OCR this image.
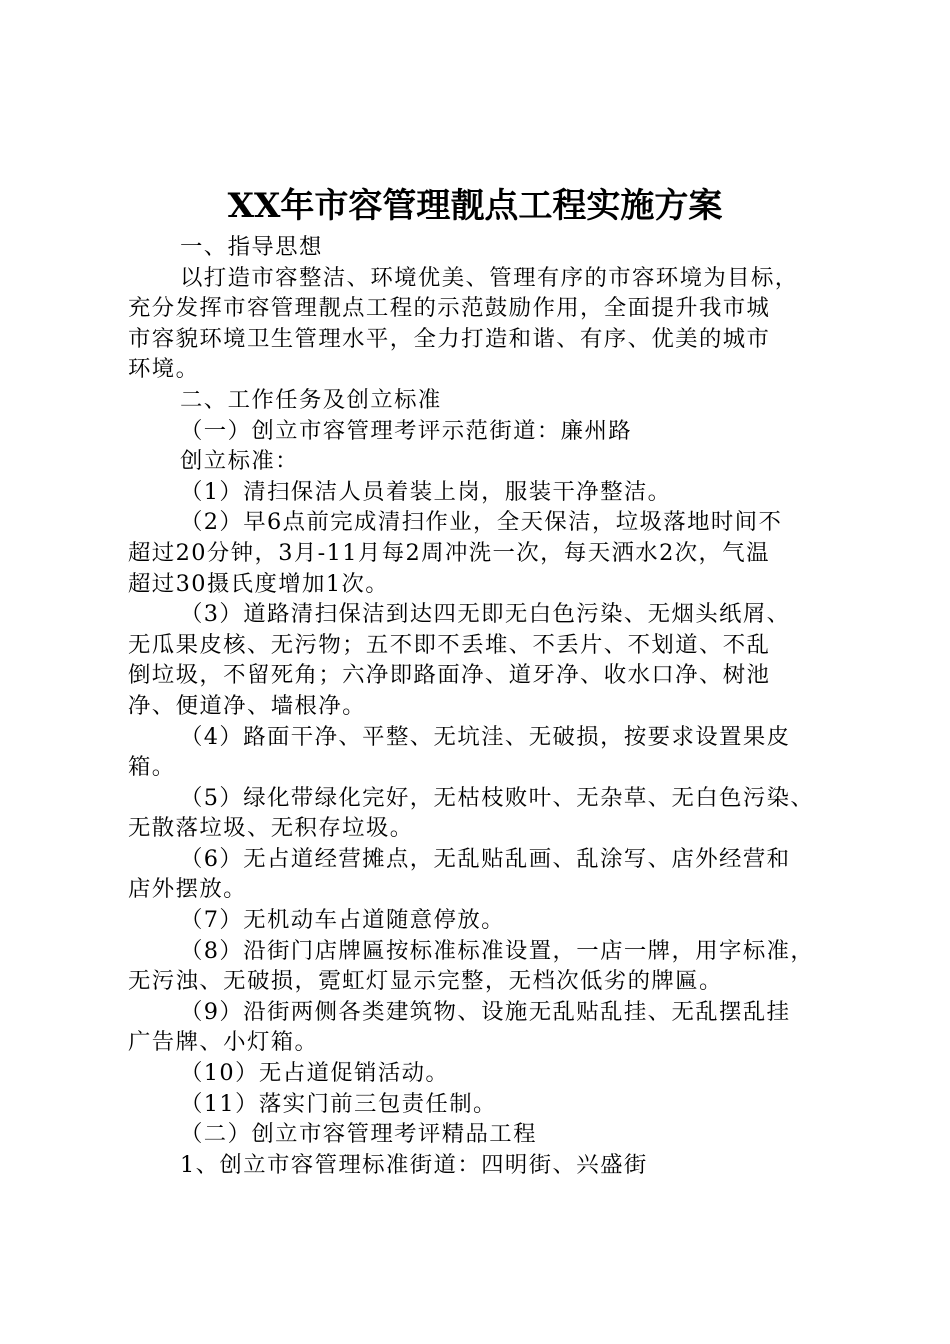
XX年市容管理靓点工程实施方案
一、指导思想
以打造市容整洁、环境优美、管理有序的市容环境为目标，
充分发挥市容管理靓点工程的示范鼓励作用，全面提升我市城
市容貌环境卫生管理水平，全力打造和谐、有序、优美的城市
环境。
二、工作任务及创立标准
（一）创立市容管理考评示范街道：廉州路
创立标准：
（1）清扫保洁人员着装上岗，服装干净整洁。
（2）早6点前完成清扫作业，全天保洁，垃圾落地时间不
超过20分钟，3月-11月每2周冲洗一次，每天洒水2次，气温
超过30摄氏度增加1次。
（3）道路清扫保洁到达四无即无白色污染、无烟头纸屑、
无瓜果皮核、无污物；五不即不丢堆、不丢片、不划道、不乱
倒垃圾，不留死角；六净即路面净、道牙净、收水口净、树池
净、便道净、墙根净。
（4）路面干净、平整、无坑洼、无破损，按要求设置果皮
箱。
（5）绿化带绿化完好，无枯枝败叶、无杂草、无白色污染、
无散落垃圾、无积存垃圾。
（6）无占道经营摊点，无乱贴乱画、乱涂写、店外经营和
店外摆放。
（7）无机动车占道随意停放。
（8）沿街门店牌匾按标准标准设置，一店一牌，用字标准，
无污浊、无破损，霓虹灯显示完整，无档次低劣的牌匾。
（9）沿街两侧各类建筑物、设施无乱贴乱挂、无乱摆乱挂
广告牌、小灯箱。
（10）无占道促销活动。
（11）落实门前三包责任制。
（二）创立市容管理考评精品工程
1、创立市容管理标准街道：四明街、兴盛街
